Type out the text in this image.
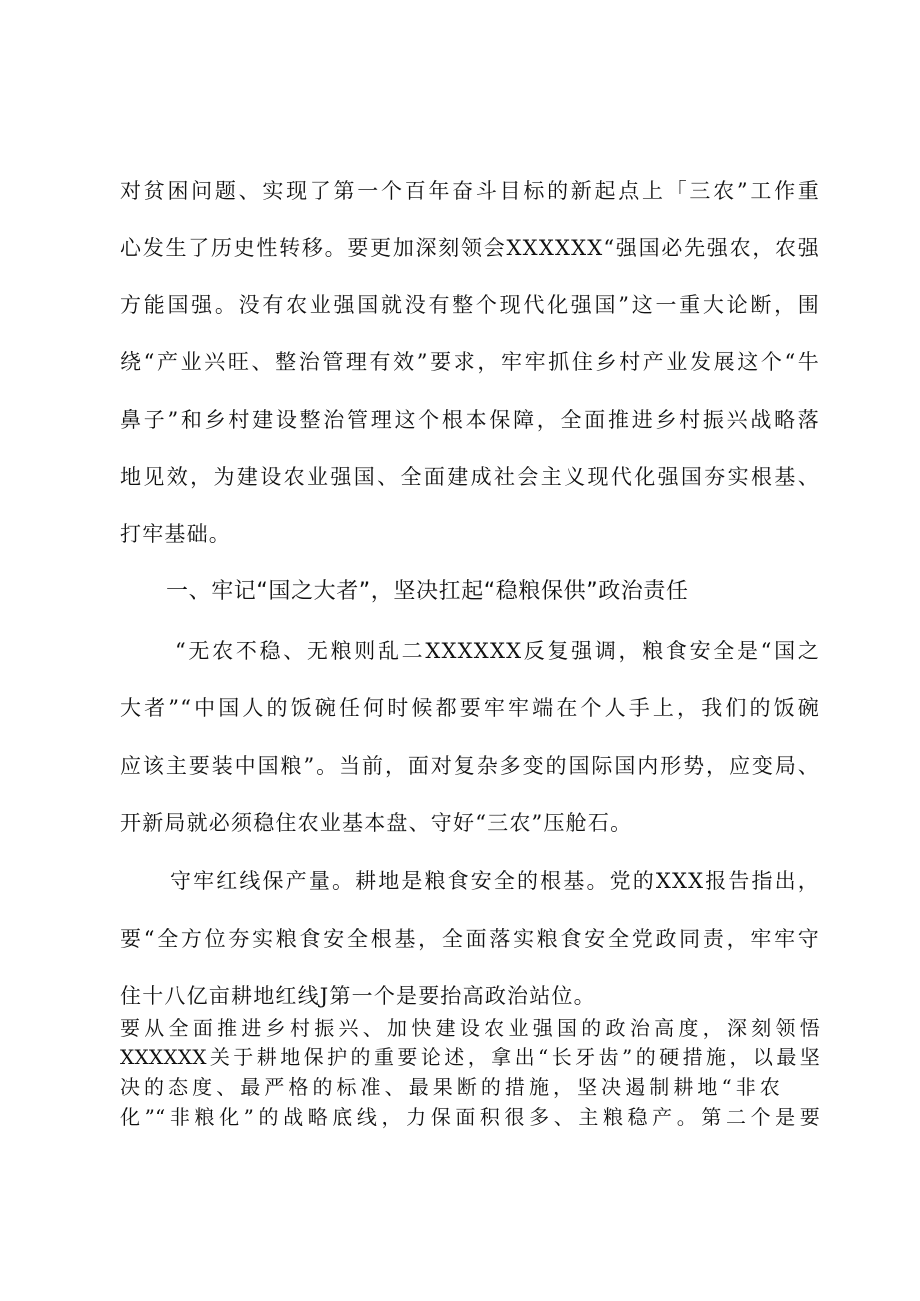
对贫困问题、实现了第一个百年奋斗目标的新起点上「三农”工作重
心发生了历史性转移。要更加深刻领会XXXXXX“强国必先强农，农强
方能国强。没有农业强国就没有整个现代化强国”这一重大论断，围
绕“产业兴旺、整治管理有效”要求，牢牢抓住乡村产业发展这个“牛
鼻子”和乡村建设整治管理这个根本保障，全面推进乡村振兴战略落
地见效，为建设农业强国、全面建成社会主义现代化强国夯实根基、
打牢基础。
一、牢记“国之大者”，坚决扛起“稳粮保供”政治责任
“无农不稳、无粮则乱二XXXXXX反复强调，粮食安全是“国之
大者”“中国人的饭碗任何时候都要牢牢端在个人手上，我们的饭碗
应该主要装中国粮”。当前，面对复杂多变的国际国内形势，应变局、
开新局就必须稳住农业基本盘、守好“三农”压舱石。
守牢红线保产量。耕地是粮食安全的根基。党的XXX报告指出，
要“全方位夯实粮食安全根基，全面落实粮食安全党政同责，牢牢守
住十八亿亩耕地红线J第一个是要抬高政治站位。
要从全面推进乡村振兴、加快建设农业强国的政治高度，深刻领悟
XXXXXX关于耕地保护的重要论述，拿出“长牙齿”的硬措施，以最坚
决的态度、最严格的标准、最果断的措施，坚决遏制耕地“非农
化”“非粮化”的战略底线，力保面积很多、主粮稳产。第二个是要
